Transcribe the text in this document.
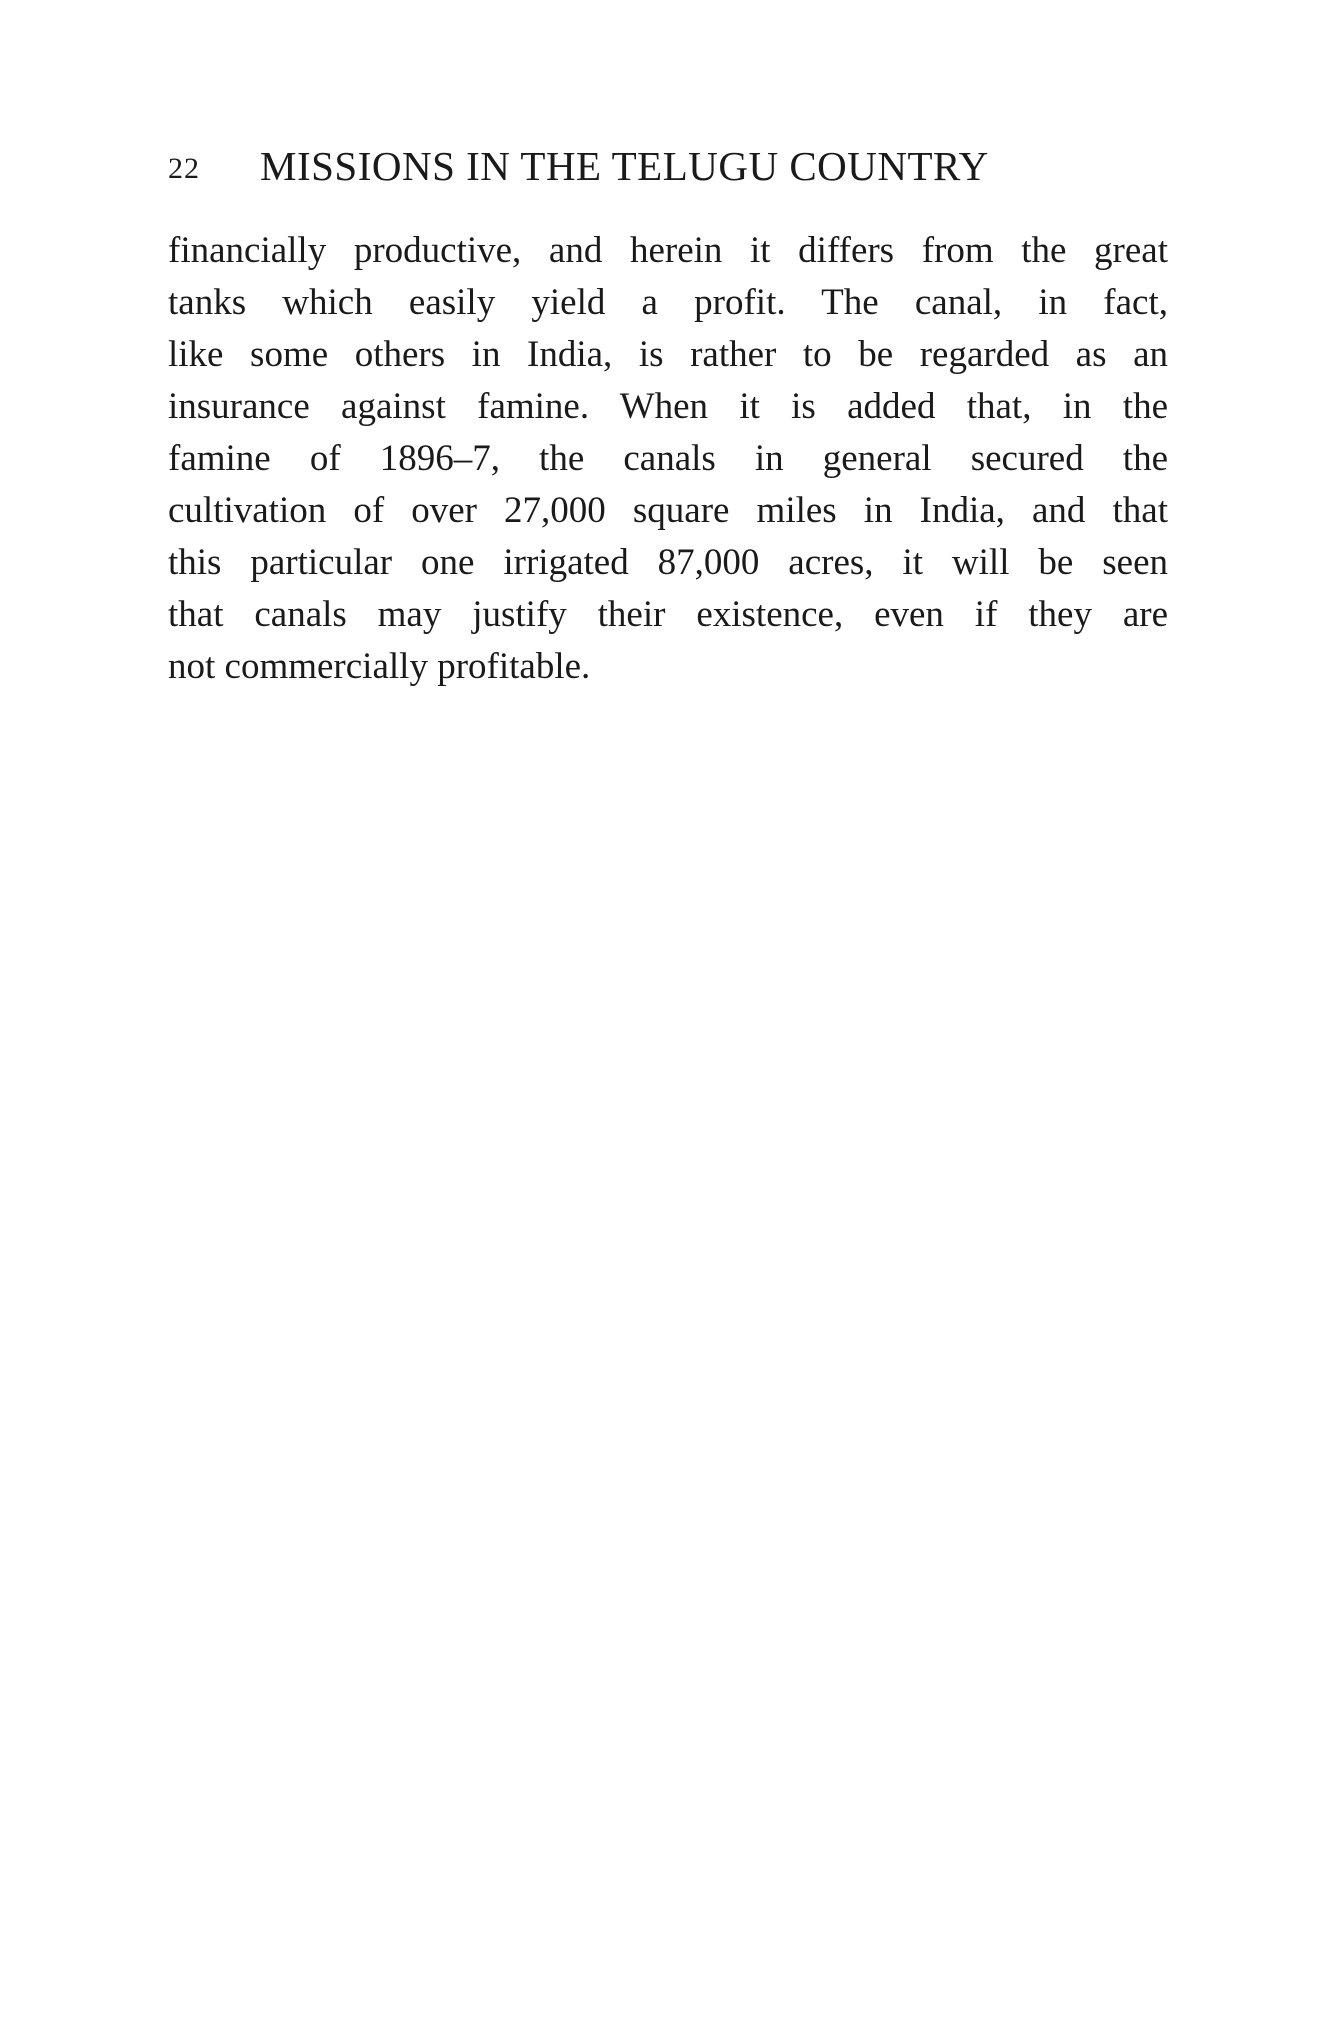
22 MISSIONS IN THE TELUGU COUNTRY
financially productive, and herein it differs from the great
tanks which easily yield a profit. The canal, in fact,
like some others in India, is rather to be regarded as an
insurance against famine. When it is added that, in the
famine of 1896–7, the canals in general secured the
cultivation of over 27,000 square miles in India, and that
this particular one irrigated 87,000 acres, it will be seen
that canals may justify their existence, even if they are
not commercially profitable.
